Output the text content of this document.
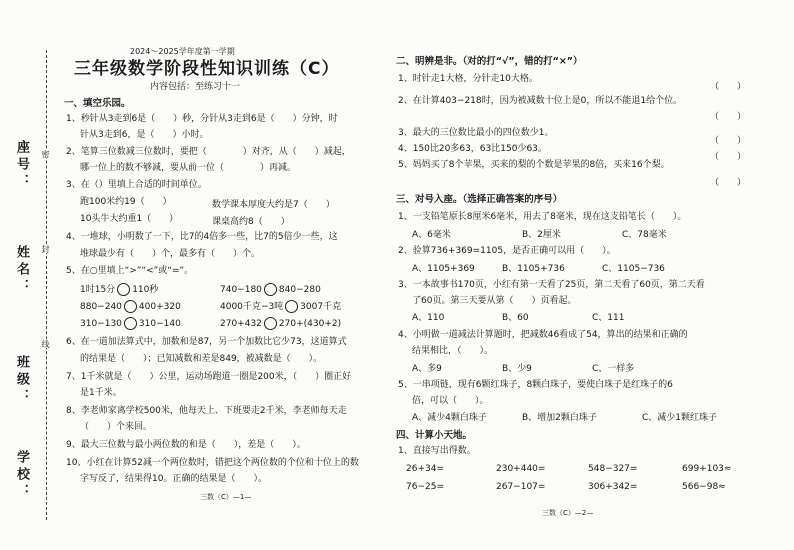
座号：
姓名：
班级：
学校：
密
封
线
2024～2025学年度第一学期
三年级数学阶段性知识训练（C）
内容包括：至练习十一
一、填空乐园。
1、秒针从3走到6是（　　）秒，分针从3走到6是（　　）分钟，时
针从3走到6，是（　　）小时。
2、笔算三位数减三位数时，要把（　　　　）对齐，从（　　）减起，
哪一位上的数不够减，要从前一位（　　　　）再减。
3、在（）里填上合适的时间单位。
跑100米约19（　　）	数学课本厚度大约是7（　　）
10头牛大约重1（　　）	课桌高约8（　　）
4、一堆球，小明数了一下，比7的4倍多一些，比7的5倍少一些，这
堆球最少有（　　）个，最多有（　　）个。
5、在○里填上“>”“<”或“=”。
1时15分 110秒	740−180 840−280
880−240 400+320	4000千克−3吨 3007千克
310−130 310−140	270+432 270+(430+2)
6、在一道加法算式中，加数和是87，另一个加数比它少73，这道算式
的结果是（　　）；已知减数和差是849，被减数是（　　）。
7、1千米就是（　　）公里，运动场跑道一圈是200米，（　　）圈正好
是1千米。
8、李老师家离学校500米，他每天上、下班要走2千米，李老师每天走
（　　）个来回。
9、最大三位数与最小两位数的和是（　　），差是（　　）。
10、小红在计算52减一个两位数时，错把这个两位数的个位和十位上的数
字写反了，结果得10。正确的结果是（　　）。
三数（C）—1—
二、明辨是非。（对的打“√”，错的打“×”）
1、时针走1大格，分针走10大格。
（　　）
2、在计算403−218时，因为被减数十位上是0，所以不能退1给个位。
（　　）
3、最大的三位数比最小的四位数少1。
（　　）
4、150比20多63，63比150少63。
（　　）
5、妈妈买了8个苹果，买来的梨的个数是苹果的8倍，买来16个梨。
（　　）
三、对号入座。（选择正确答案的序号）
1、一支铅笔原长8厘米6毫米，用去了8毫米，现在这支铅笔长（　　）。
A、6毫米	B、2厘米	C、78毫米
2、验算736+369=1105，是否正确可以用（　　）。
A、1105+369	B、1105+736	C、1105−736
3、一本故事书170页，小红有第一天看了25页，第二天看了60页，第二天看
了60页。第三天要从第（　　）页看起。
A、110	B、60	C、111
4、小明做一道减法计算题时，把减数46看成了54，算出的结果和正确的
结果相比，（　　）。
A、多9	B、少9	C、一样多
5、一串项链，现有6颗红珠子，8颗白珠子，要使白珠子是红珠子的6
倍，可以（　　）。
A、减少4颗白珠子	B、增加2颗白珠子	C、减少1颗红珠子
四、计算小天地。
1、直接写出得数。
26+34=	230+440=	548−327=	699+103≈
76−25=	267−107=	306+342=	566−98≈
三数（C）—2—
